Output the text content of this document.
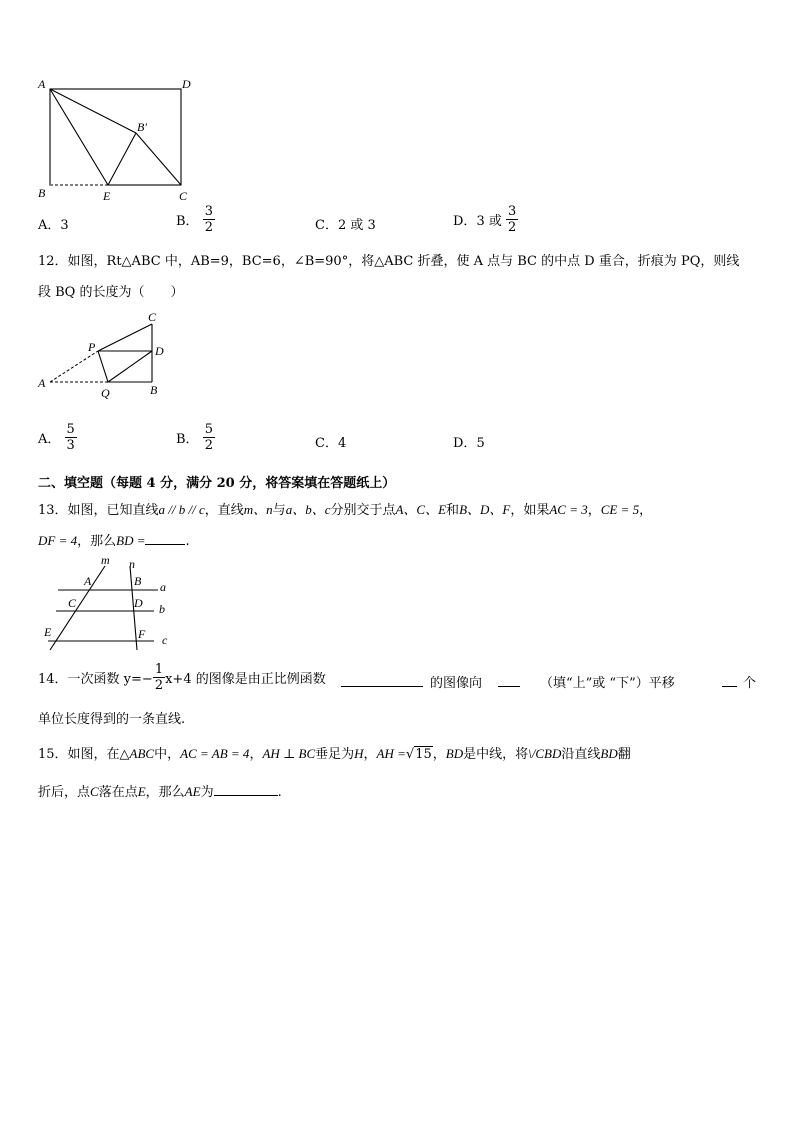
A	D
B′
B	E	C
A．3	B． $\frac{3}{2}$	C．2 或 3	D．3 或 $\frac{3}{2}$
12．如图，Rt△ABC 中，AB=9，BC=6，∠B=90°，将△ABC 折叠，使 A 点与 BC 的中点 D 重合，折痕为 PQ，则线
段 BQ 的长度为（　　）
C
P	D
A
Q	B
A． $\frac{5}{3}$	B． $\frac{5}{2}$	C．4	D．5
二、填空题（每题 4 分，满分 20 分，将答案填在答题纸上）
13．如图，已知直线a // b // c，直线m、n与a、b、c分别交于点A、C、E和B、D、F，如果AC = 3，CE = 5，
DF = 4，那么BD =	.
m n
A	B a
C	D b
E	F c
14．一次函数 $y=- \frac{1}{2} x+4$ 的图像是由正比例函数	的图像向	（填“上”或 “下”）平移	个
单位长度得到的一条直线.
15．如图，在△ABC中，AC = AB = 4，AH ⊥ BC垂足为H，AH =√15，BD是中线，将\/CBD沿直线BD翻
折后，点C落在点E，那么AE为	.
